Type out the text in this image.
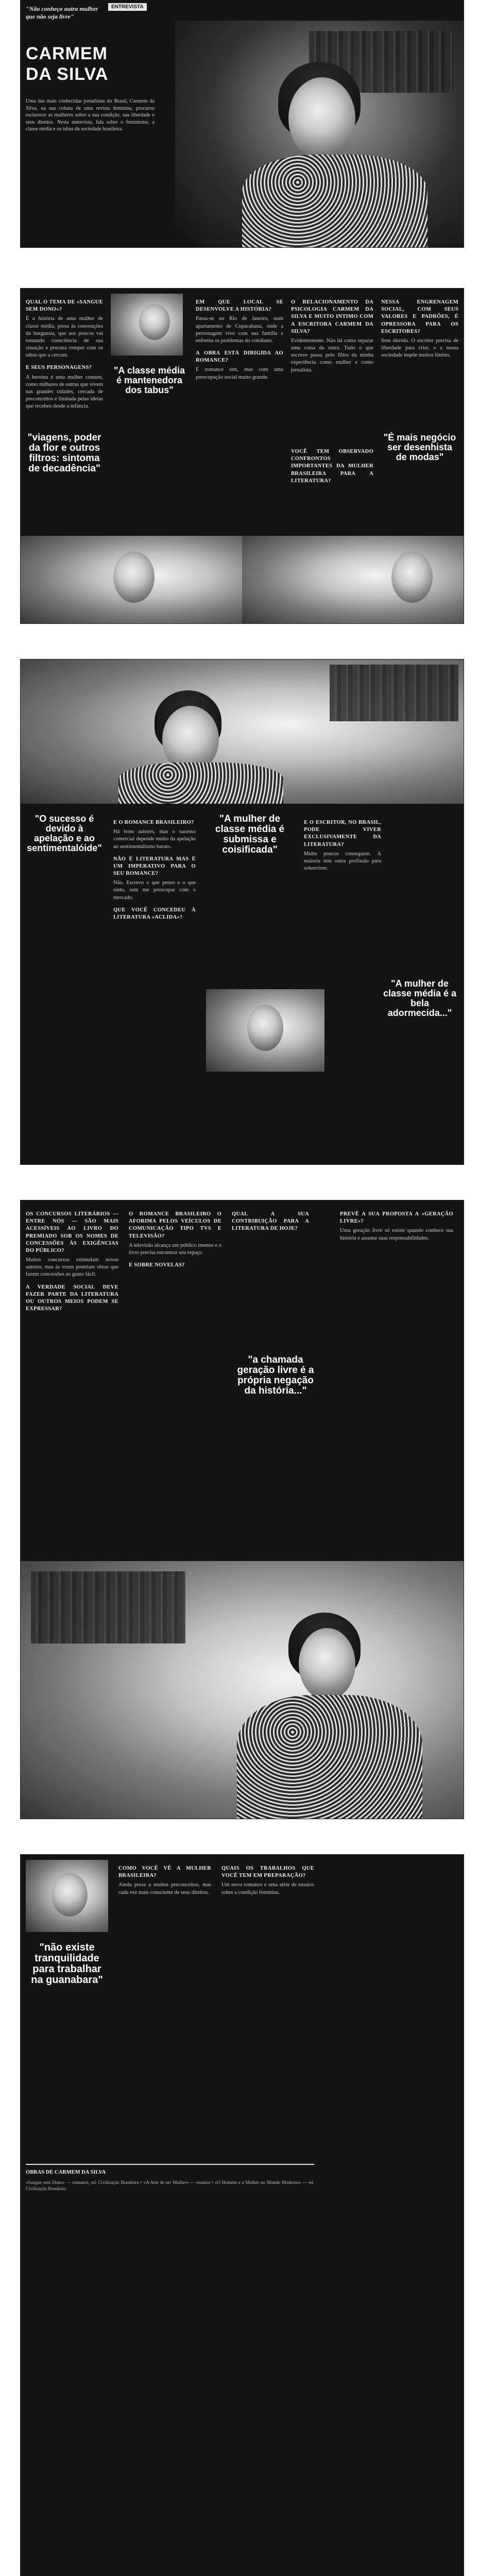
ENTREVISTA
"Não conheço outra mulher que não seja livre"
CARMEM
DA SILVA
Uma das mais conhecidas jornalistas do Brasil, Carmem da Silva, na sua coluna de uma revista feminina, procurou esclarecer as mulheres sobre a sua condição, sua liberdade e seus direitos. Nesta entrevista, fala sobre o feminismo, a classe média e os tabus da sociedade brasileira.
QUAL O TEMA DE «SANGUE SEM DONO»?
É a história de uma mulher de classe média, presa às convenções da burguesia, que aos poucos vai tomando consciência de sua situação e procura romper com os tabus que a cercam.
E SEUS PERSONAGENS?
A heroína é uma mulher comum, como milhares de outras que vivem nas grandes cidades, cercada de preconceitos e limitada pelas ideias que recebeu desde a infância.
"A classe média é mantenedora dos tabus"
EM QUE LOCAL SE DESENVOLVE A HISTÓRIA?
Passa-se no Rio de Janeiro, num apartamento de Copacabana, onde a personagem vive com sua família e enfrenta os problemas do cotidiano.
A OBRA ESTÁ DIRIGIDA AO ROMANCE?
É romance sim, mas com uma preocupação social muito grande.
O RELACIONAMENTO DA PSICOLOGIA CARMEM DA SILVA E MUITO INTIMO COM A ESCRITORA CARMEM DA SILVA?
Evidentemente. Não há como separar uma coisa da outra. Tudo o que escrevo passa pelo filtro da minha experiência como mulher e como jornalista.
NESSA ENGRENAGEM SOCIAL, COM SEUS VALORES E PADRÕES, É OPRESSORA PARA OS ESCRITORES?
Sem dúvida. O escritor precisa de liberdade para criar, e a nossa sociedade impõe muitos limites.
"viagens, poder da flor e outros filtros: sintoma de decadência"
VOCÊ TEM OBSERVADO CONFRONTOS IMPORTANTES DA MULHER BRASILEIRA PARA A LITERATURA?
"É mais negócio ser desenhista de modas"
"O sucesso é devido à apelação e ao sentimentalóide"
E O ROMANCE BRASILEIRO?
Há bons autores, mas o sucesso comercial depende muito da apelação ao sentimentalismo barato.
NÃO É LITERATURA MAS É UM IMPERATIVO PARA O SEU ROMANCE?
Não. Escrevo o que penso e o que sinto, sem me preocupar com o mercado.
QUE VOCÊ CONCEDEU À LITERATURA «ACLIDA»?
"A mulher de classe média é submissa e coisificada"
E O ESCRITOR, NO BRASIL, PODE VIVER EXCLUSIVAMENTE DA LITERATURA?
Muito poucos conseguem. A maioria tem outra profissão para sobreviver.
"A mulher de classe média é a bela adormecida..."
OS CONCURSOS LITERÁRIOS — ENTRE NÓS — SÃO MAIS ACESSÍVEIS AO LIVRO DO PREMIADO SOB OS NOMES DE CONCESSÕES ÀS EXIGÊNCIAS DO PÚBLICO?
Muitos concursos estimulam novos autores, mas às vezes premiam obras que fazem concessões ao gosto fácil.
A VERDADE SOCIAL DEVE FAZER PARTE DA LITERATURA OU OUTROS MEIOS PODEM SE EXPRESSAR?
O ROMANCE BRASILEIRO O AFORIMA PELOS VEÍCULOS DE COMUNICAÇÃO TIPO TVS E TELEVISÃO?
A televisão alcança um público imenso e o livro precisa encontrar seu espaço.
E SOBRE NOVELAS?
QUAL A SUA CONTRIBUIÇÃO PARA A LITERATURA DE HOJE?
"a chamada geração livre é a própria negação da história..."
PREVÊ A SUA PROPOSTA A «GERAÇÃO LIVRE»?
Uma geração livre só existe quando conhece sua história e assume suas responsabilidades.
"não existe tranquilidade para trabalhar na guanabara"
COMO VOCÊ VÊ A MULHER BRASILEIRA?
Ainda presa a muitos preconceitos, mas cada vez mais consciente de seus direitos.
QUAIS OS TRABALHOS QUE VOCÊ TEM EM PREPARAÇÃO?
Um novo romance e uma série de ensaios sobre a condição feminina.
OBRAS DE CARMEM DA SILVA
«Sangue sem Dono» — romance, ed. Civilização Brasileira • «A Arte de ser Mulher» — ensaios • «O Homem e a Mulher no Mundo Moderno» — ed. Civilização Brasileira
